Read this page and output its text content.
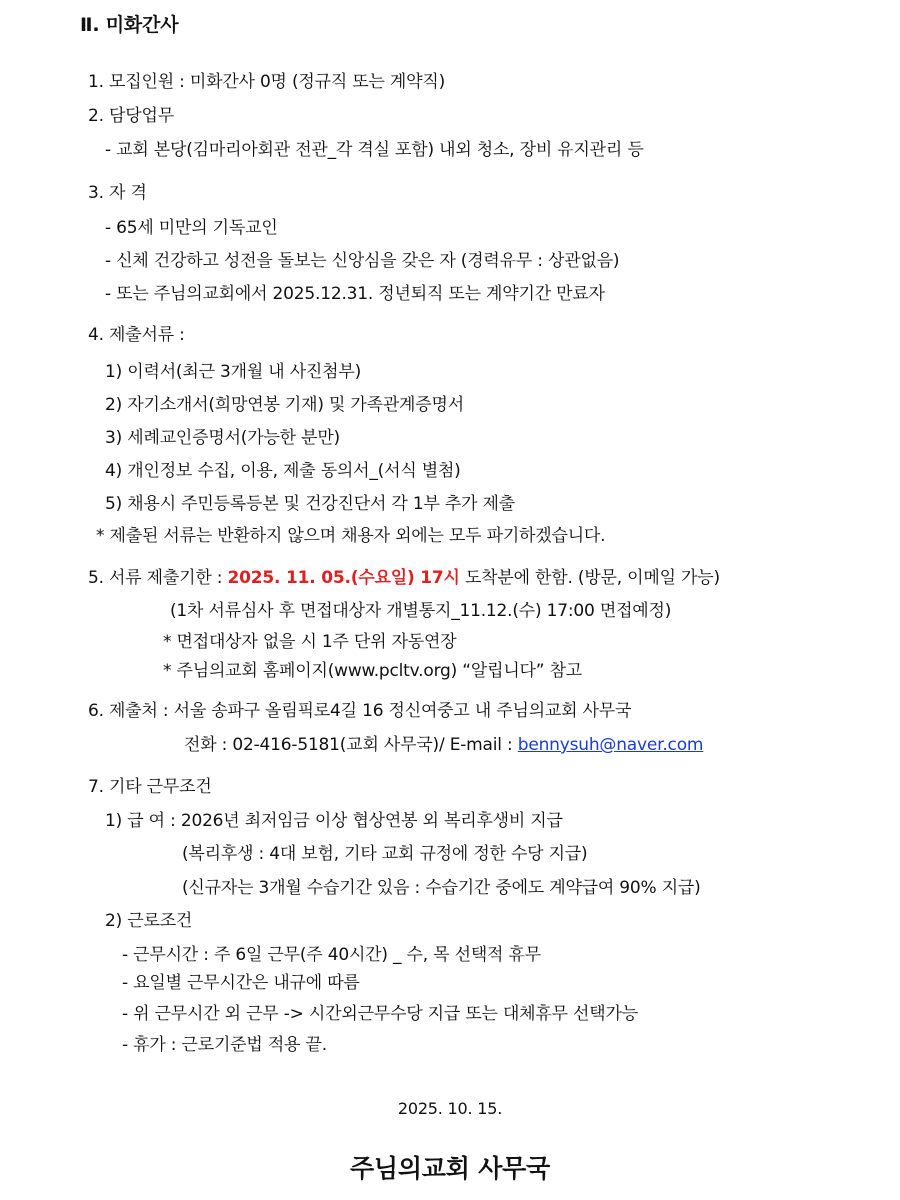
Ⅱ. 미화간사
1. 모집인원 : 미화간사 0명 (정규직 또는 계약직)
2. 담당업무
- 교회 본당(김마리아회관 전관_각 격실 포함) 내외 청소, 장비 유지관리 등
3. 자 격
- 65세 미만의 기독교인
- 신체 건강하고 성전을 돌보는 신앙심을 갖은 자 (경력유무 : 상관없음)
- 또는 주님의교회에서 2025.12.31. 정년퇴직 또는 계약기간 만료자
4. 제출서류 :
1) 이력서(최근 3개월 내 사진첨부)
2) 자기소개서(희망연봉 기재) 및 가족관계증명서
3) 세례교인증명서(가능한 분만)
4) 개인정보 수집, 이용, 제출 동의서_(서식 별첨)
5) 채용시 주민등록등본 및 건강진단서 각 1부 추가 제출
* 제출된 서류는 반환하지 않으며 채용자 외에는 모두 파기하겠습니다.
5. 서류 제출기한 : 2025. 11. 05.(수요일) 17시 도착분에 한함. (방문, 이메일 가능)
(1차 서류심사 후 면접대상자 개별통지_11.12.(수) 17:00 면접예정)
* 면접대상자 없을 시 1주 단위 자동연장
* 주님의교회 홈페이지(www.pcltv.org) “알립니다” 참고
6. 제출처 : 서울 송파구 올림픽로4길 16 정신여중고 내 주님의교회 사무국
전화 : 02-416-5181(교회 사무국)/ E-mail : bennysuh@naver.com
7. 기타 근무조건
1) 급 여 : 2026년 최저임금 이상 협상연봉 외 복리후생비 지급
(복리후생 : 4대 보험, 기타 교회 규정에 정한 수당 지급)
(신규자는 3개월 수습기간 있음 : 수습기간 중에도 계약급여 90% 지급)
2) 근로조건
- 근무시간 : 주 6일 근무(주 40시간) _ 수, 목 선택적 휴무
- 요일별 근무시간은 내규에 따름
- 위 근무시간 외 근무 -> 시간외근무수당 지급 또는 대체휴무 선택가능
- 휴가 : 근로기준법 적용 끝.
2025. 10. 15.
주님의교회 사무국
